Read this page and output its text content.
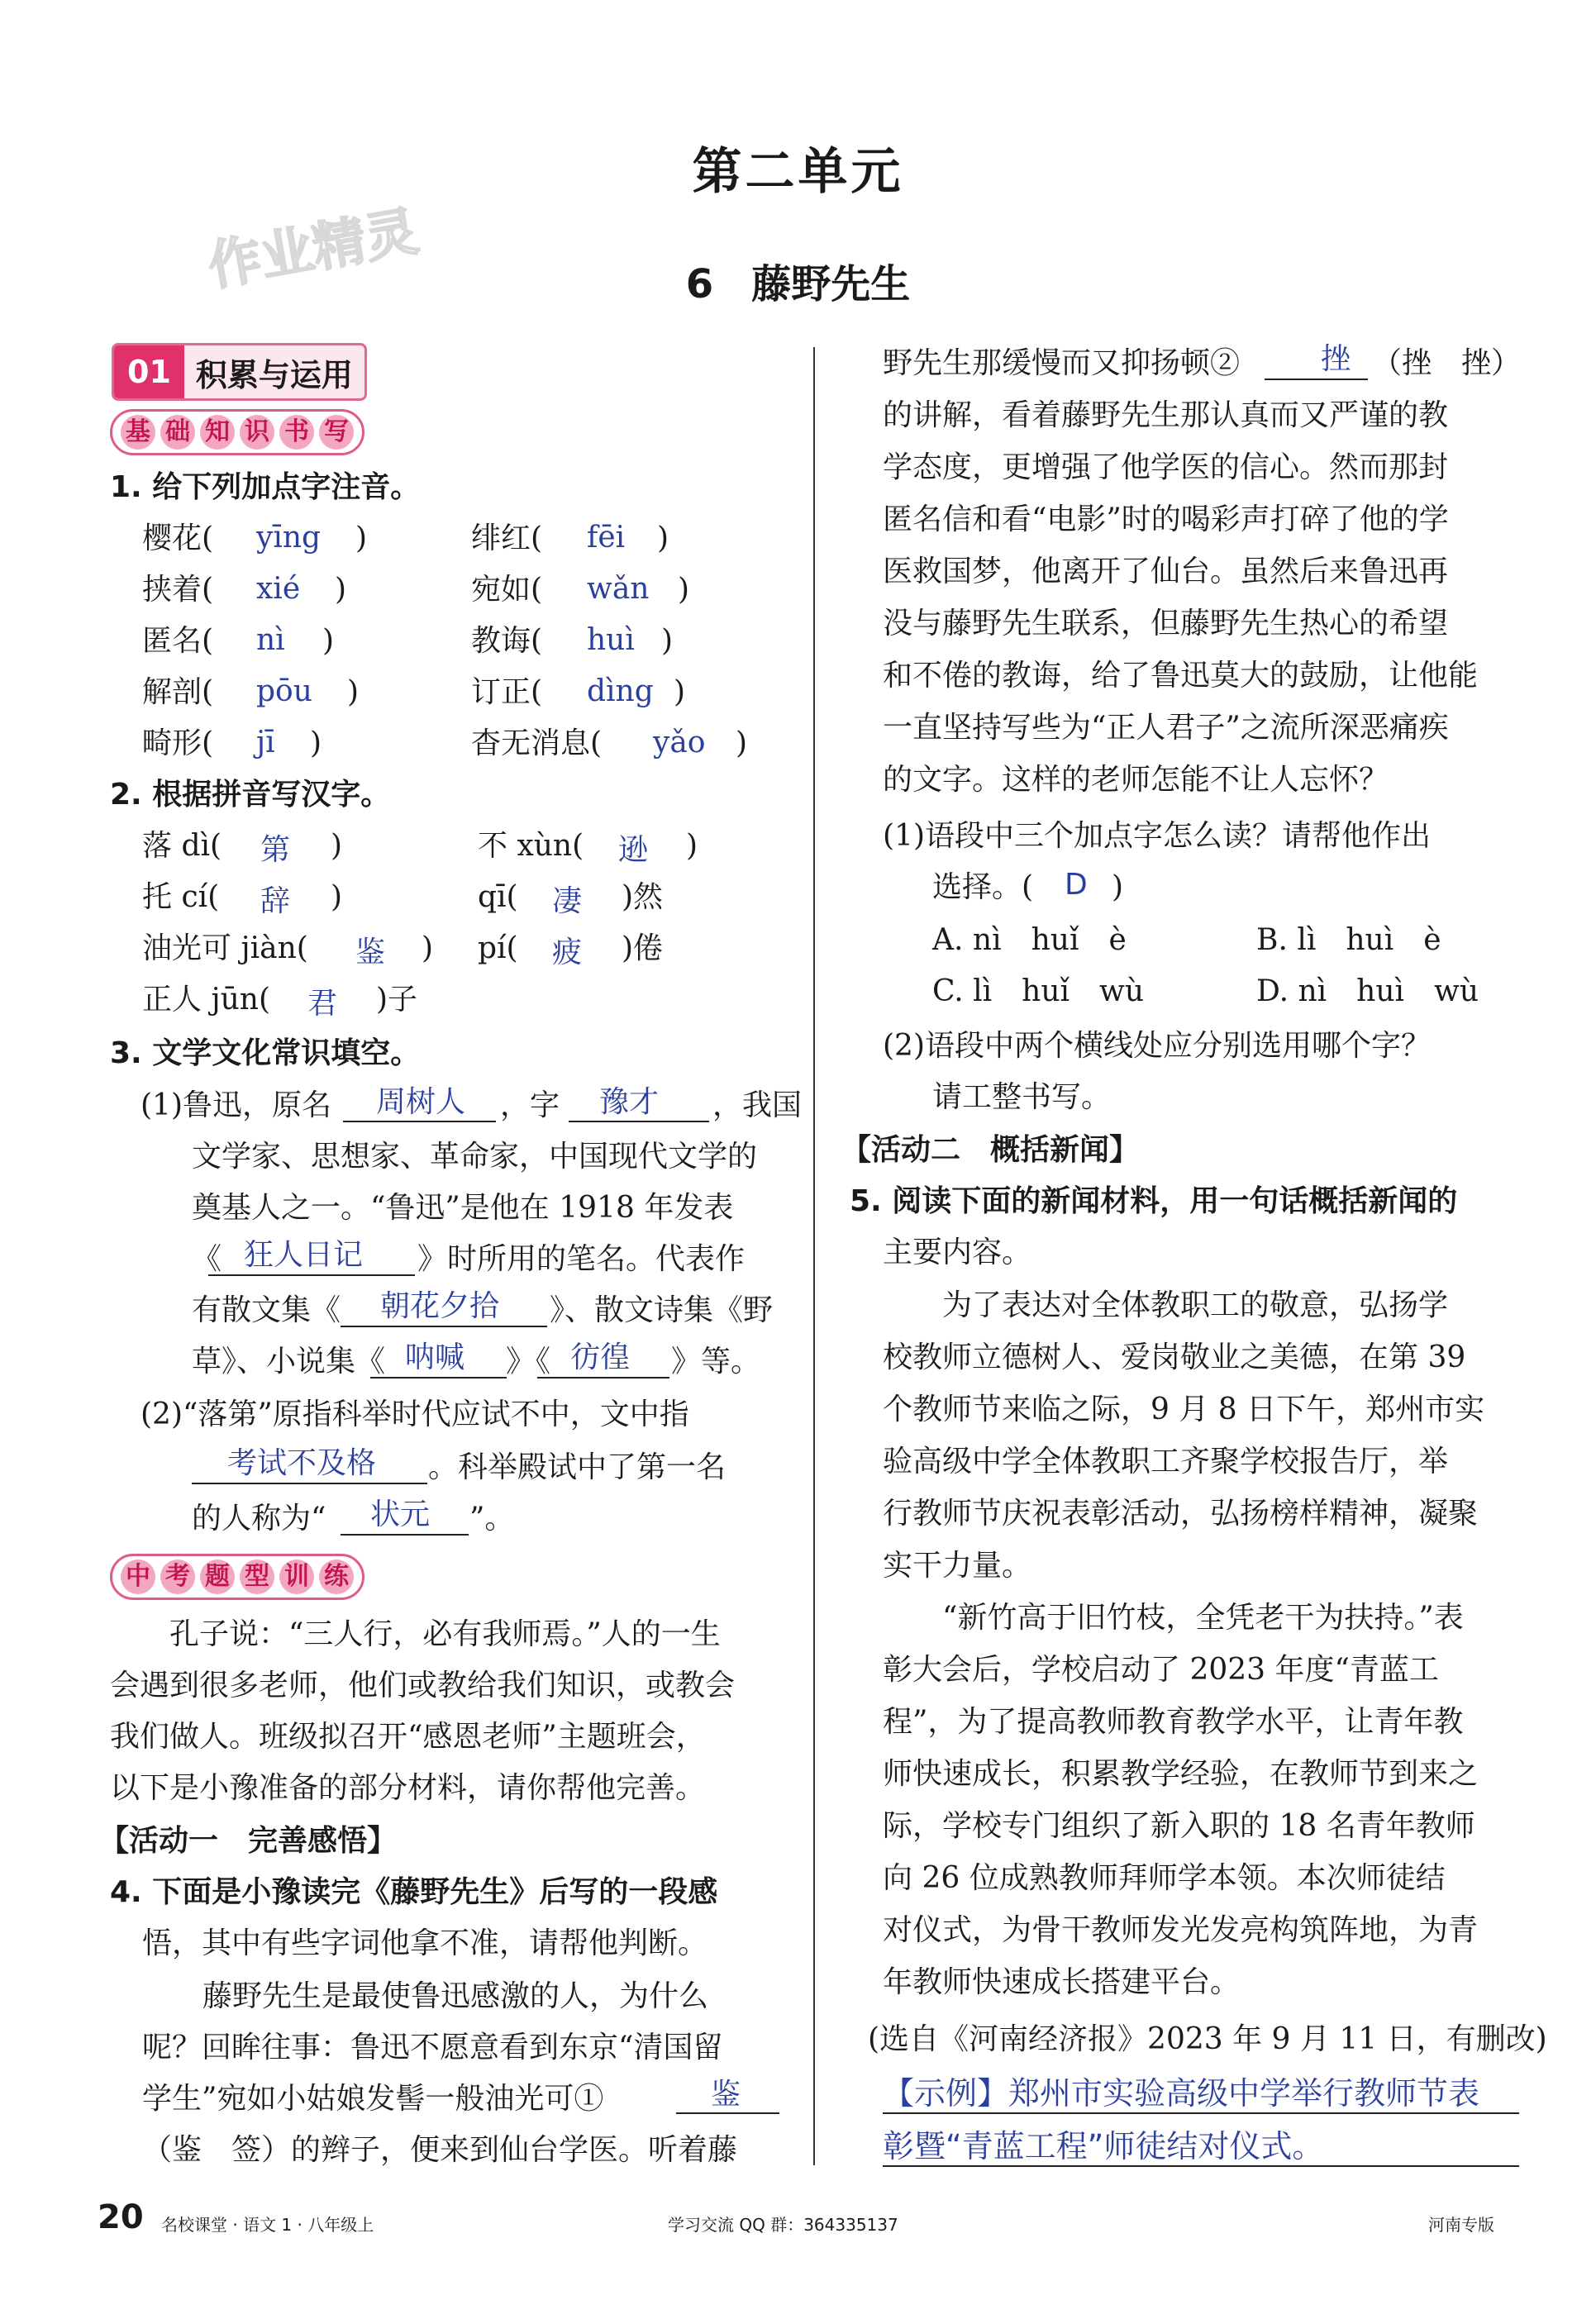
第二单元
作业精灵	6 藤野先生
01 积累与运用
基 础 知 识 书 写
1. 给下列加点字注音。
樱花( yīng )	绯红( fēi )
挟着( xié )	宛如( wǎn )
匿名( nì )	教诲( huì )
解剖( pōu )	订正( dìng )
畸形( jī )	杳无消息( yǎo )
2. 根据拼音写汉字。
落 dì( 第 )	不 xùn( 逊 )
托 cí( 辞 )	qī( 凄 )然
油光可 jiàn( 鉴 ) pí( 疲 )倦
正人 jūn( 君 )子
3. 文学文化常识填空。
(1)鲁迅，原名 周树人 ，字 豫才 ，我国
文学家、思想家、革命家，中国现代文学的
奠基人之一。“鲁迅”是他在 1918 年发表
《 狂人日记 》时所用的笔名。代表作
有散文集《 朝花夕拾 》、散文诗集《野
草》、小说集《 呐喊 》《 彷徨 》等。
(2)“落第”原指科举时代应试不中，文中指
考试不及格 。科举殿试中了第一名
的人称为“ 状元 ”。
中 考 题 型 训 练
孔子说：“三人行，必有我师焉。”人的一生
会遇到很多老师，他们或教给我们知识，或教会
我们做人。班级拟召开“感恩老师”主题班会，
以下是小豫准备的部分材料，请你帮他完善。
【活动一　完善感悟】
4. 下面是小豫读完《藤野先生》后写的一段感
悟，其中有些字词他拿不准，请帮他判断。
藤野先生是最使鲁迅感激的人，为什么
呢？回眸往事：鲁迅不愿意看到东京“清国留
学生”宛如小姑娘发髻一般油光可①	鉴
（鉴　签）的辫子，便来到仙台学医。听着藤
野先生那缓慢而又抑扬顿②	挫 （挫　挫）
的讲解，看着藤野先生那认真而又严谨的教
学态度，更增强了他学医的信心。然而那封
匿名信和看“电影”时的喝彩声打碎了他的学
医救国梦，他离开了仙台。虽然后来鲁迅再
没与藤野先生联系，但藤野先生热心的希望
和不倦的教诲，给了鲁迅莫大的鼓励，让他能
一直坚持写些为“正人君子”之流所深恶痛疾
的文字。这样的老师怎能不让人忘怀？
(1)语段中三个加点字怎么读？请帮他作出
选择。( D )
A. nì　huǐ　è	B. lì　huì　è
C. lì　huǐ　wù	D. nì　huì　wù
(2)语段中两个横线处应分别选用哪个字？
请工整书写。
【活动二　概括新闻】
5. 阅读下面的新闻材料，用一句话概括新闻的
主要内容。
为了表达对全体教职工的敬意，弘扬学
校教师立德树人、爱岗敬业之美德，在第 39
个教师节来临之际，9 月 8 日下午，郑州市实
验高级中学全体教职工齐聚学校报告厅，举
行教师节庆祝表彰活动，弘扬榜样精神，凝聚
实干力量。
“新竹高于旧竹枝，全凭老干为扶持。”表
彰大会后，学校启动了 2023 年度“青蓝工
程”，为了提高教师教育教学水平，让青年教
师快速成长，积累教学经验，在教师节到来之
际，学校专门组织了新入职的 18 名青年教师
向 26 位成熟教师拜师学本领。本次师徒结
对仪式，为骨干教师发光发亮构筑阵地，为青
年教师快速成长搭建平台。
(选自《河南经济报》2023 年 9 月 11 日，有删改)
【示例】郑州市实验高级中学举行教师节表
彰暨“青蓝工程”师徒结对仪式。
20 名校课堂 · 语文 1 · 八年级上	学习交流 QQ 群：364335137	河南专版
